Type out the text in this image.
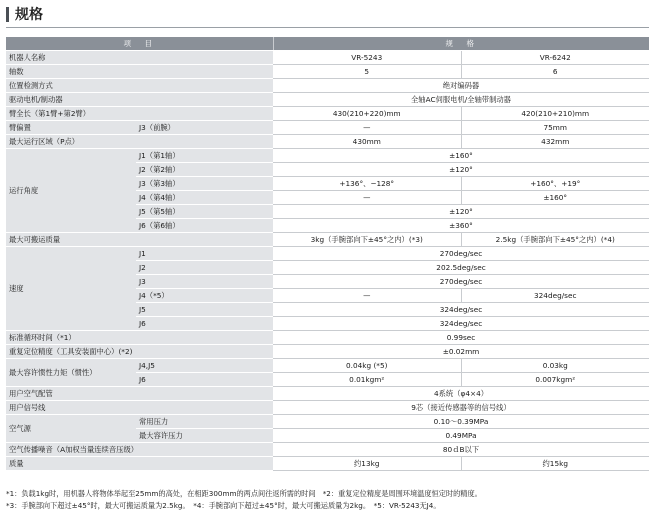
规格
项　目		规　格	
机器人名称		VR-5243	VR-6242
轴数		5	6
位置检测方式		绝对编码器	
驱动电机/制动器		全轴AC伺服电机/全轴带制动器	
臂全长（第1臂+第2臂）		430(210+220)mm	420(210+210)mm
臂偏置	J3（前腕）	—	75mm
最大运行区域（P点）		430mm	432mm
运行角度	J1（第1轴）	±160°	
	J2（第2轴）	±120°	
	J3（第3轴）	+136°、−128°	+160°、+19°
	J4（第4轴）	—	±160°
	J5（第5轴）	±120°	
	J6（第6轴）	±360°	
最大可搬运质量		3kg（手腕部向下±45°之内）(*3)	2.5kg（手腕部向下±45°之内）(*4)
速度	J1	270deg/sec	
	J2	202.5deg/sec	
	J3	270deg/sec	
	J4（*5）	—	324deg/sec
	J5	324deg/sec	
	J6	324deg/sec	
标准循环时间（*1）		0.99sec	
重复定位精度（工具安装面中心）(*2)		±0.02mm	
最大容许惯性力矩（惯性）	J4,J5	0.04kg (*5)	0.03kg
	J6	0.01kgm²	0.007kgm²
用户空气配管		4系统（φ4×4）	
用户信号线		9芯（接近传感器等的信号线）	
空气源	常用压力	0.10〜0.39MPa	
	最大容许压力	0.49MPa	
空气传播噪音（A加权当量连续音压级）		80ｄB以下	
质量		约13kg	约15kg
*1：负载1kg时，用机器人将物体举起至25mm的高处，在相距300mm的两点间往返所需的时间　*2：重复定位精度是周围环境温度恒定时的精度。
*3：手腕部向下超过±45°时，最大可搬运质量为2.5kg。　*4：手腕部向下超过±45°时，最大可搬运质量为2kg。　*5：VR-5243无J4。
